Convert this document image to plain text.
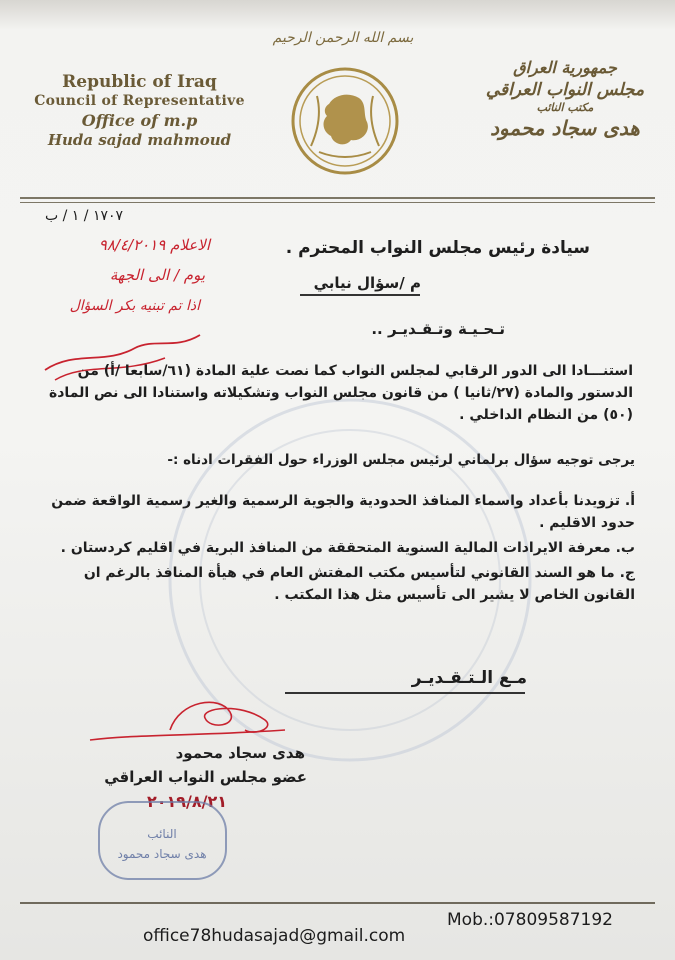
بسم الله الرحمن الرحيم
Republic of Iraq
Council of Representative
Office of m.p
Huda sajad mahmoud
جمهورية العراق
مجلس النواب العراقي
مكتب النائب
هدى سجاد محمود
١٧٠٧ / ١ / ب
الاعلام ٩٨/٤/٢٠١٩
يوم / الى الجهة
اذا تم تبنيه بكر السؤال
سيادة رئيس مجلس النواب المحترم .
م /سؤال نيابي
تـحـيـة وتـقـديـر ..
استنـــادا الى الدور الرقابي لمجلس النواب كما نصت علية المادة (٦١/سابعا /أ) من الدستور والمادة (٢٧/ثانيا ) من قانون مجلس النواب وتشكيلاته واستنادا الى نص المادة (٥٠) من النظام الداخلي .
يرجى توجيه سؤال برلماني لرئيس مجلس الوزراء حول الفقرات ادناه :-

أ. تزويدنا بأعداد واسماء المنافذ الحدودية والجوية الرسمية والغير رسمية الواقعة ضمن حدود الاقليم .

ب. معرفة الايرادات المالية السنوية المتحققة من المنافذ البرية في اقليم كردستان .

ج. ما هو السند القانوني لتأسيس مكتب المفتش العام في هيأة المنافذ بالرغم ان القانون الخاص لا يشير الى تأسيس مثل هذا المكتب .

مـع الـتـقـديـر
هدى سجاد محمود
عضو مجلس النواب العراقي
٢٠١٩/٨/٢١
النائب
هدى سجاد محمود
Mob.:07809587192
office78hudasajad@gmail.com
